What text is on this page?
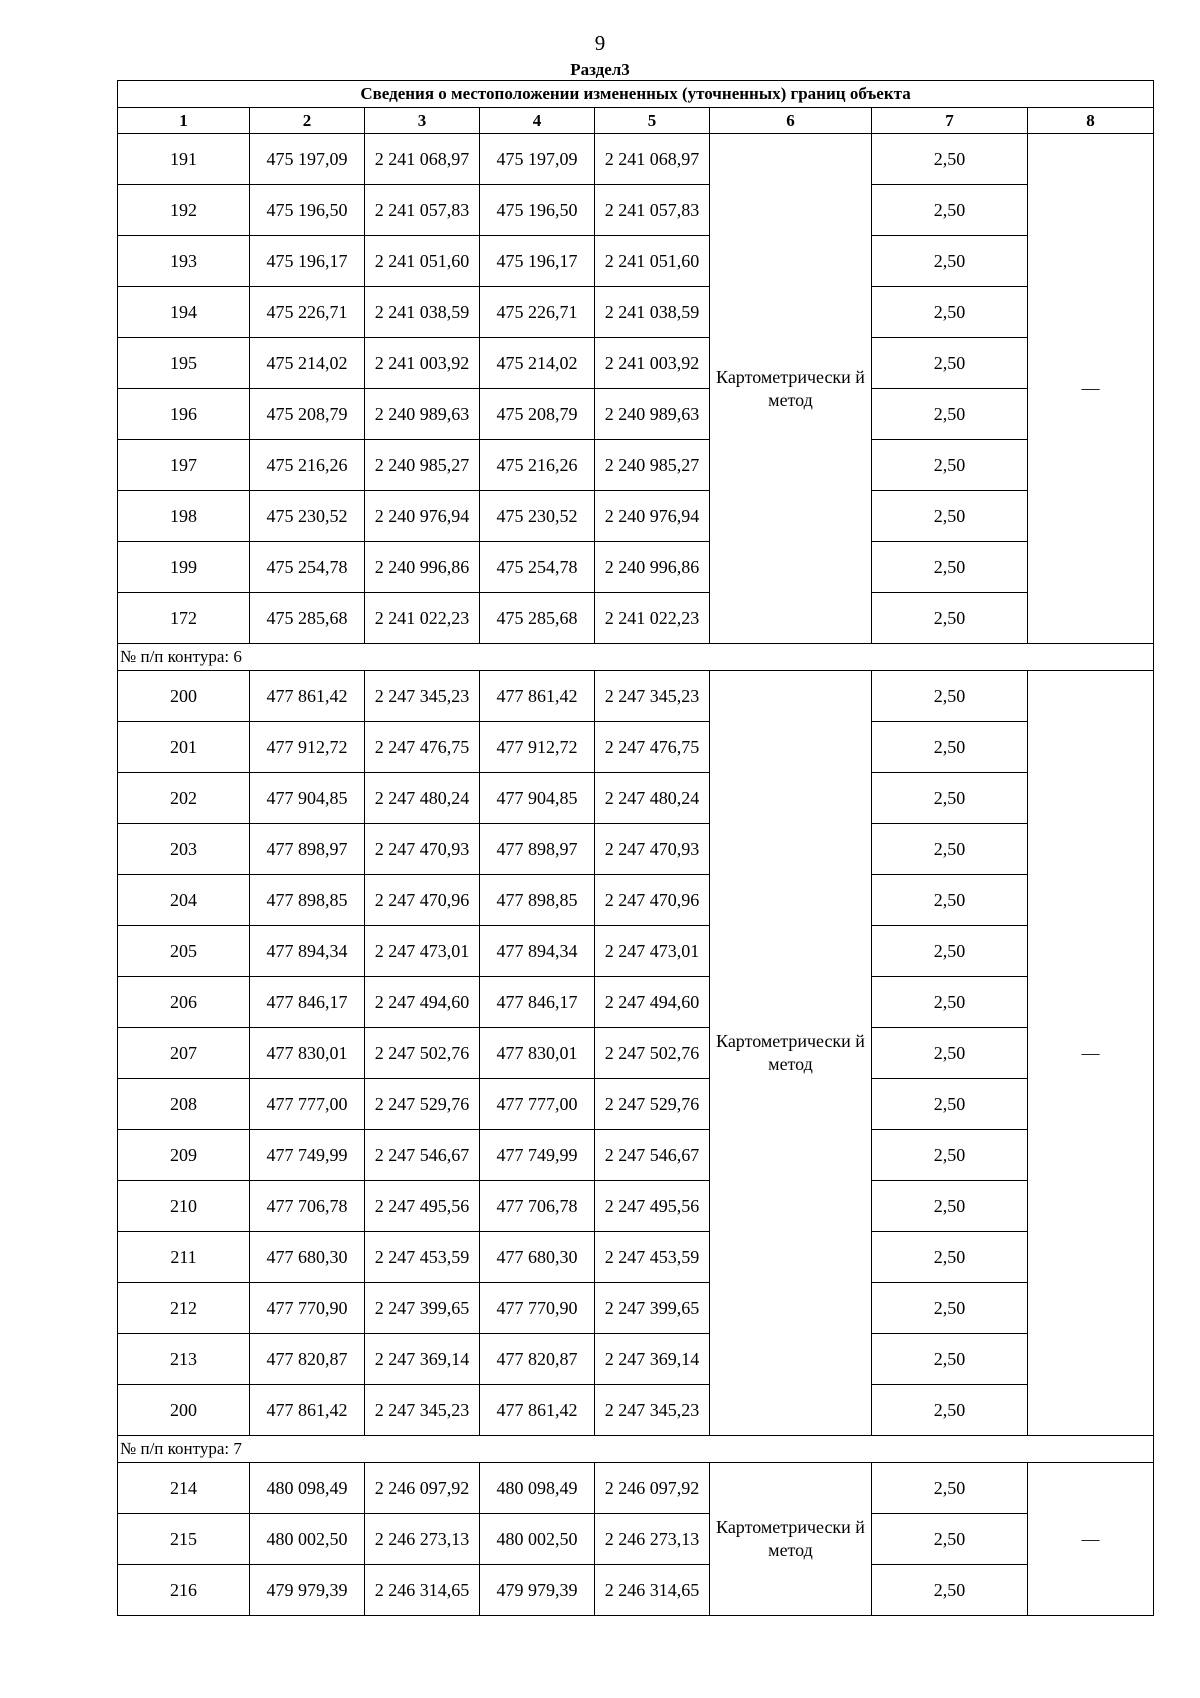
9
Раздел3
Сведения о местоположении измененных (уточненных) границ объекта							
1	2	3	4	5	6	7	8
191	475 197,09	2 241 068,97	475 197,09	2 241 068,97	Картометрически й метод	2,50	—
192	475 196,50	2 241 057,83	475 196,50	2 241 057,83		2,50	
193	475 196,17	2 241 051,60	475 196,17	2 241 051,60		2,50	
194	475 226,71	2 241 038,59	475 226,71	2 241 038,59		2,50	
195	475 214,02	2 241 003,92	475 214,02	2 241 003,92		2,50	
196	475 208,79	2 240 989,63	475 208,79	2 240 989,63		2,50	
197	475 216,26	2 240 985,27	475 216,26	2 240 985,27		2,50	
198	475 230,52	2 240 976,94	475 230,52	2 240 976,94		2,50	
199	475 254,78	2 240 996,86	475 254,78	2 240 996,86		2,50	
172	475 285,68	2 241 022,23	475 285,68	2 241 022,23		2,50	
№ п/п контура: 6							
200	477 861,42	2 247 345,23	477 861,42	2 247 345,23	Картометрически й метод	2,50	—
201	477 912,72	2 247 476,75	477 912,72	2 247 476,75		2,50	
202	477 904,85	2 247 480,24	477 904,85	2 247 480,24		2,50	
203	477 898,97	2 247 470,93	477 898,97	2 247 470,93		2,50	
204	477 898,85	2 247 470,96	477 898,85	2 247 470,96		2,50	
205	477 894,34	2 247 473,01	477 894,34	2 247 473,01		2,50	
206	477 846,17	2 247 494,60	477 846,17	2 247 494,60		2,50	
207	477 830,01	2 247 502,76	477 830,01	2 247 502,76		2,50	
208	477 777,00	2 247 529,76	477 777,00	2 247 529,76		2,50	
209	477 749,99	2 247 546,67	477 749,99	2 247 546,67		2,50	
210	477 706,78	2 247 495,56	477 706,78	2 247 495,56		2,50	
211	477 680,30	2 247 453,59	477 680,30	2 247 453,59		2,50	
212	477 770,90	2 247 399,65	477 770,90	2 247 399,65		2,50	
213	477 820,87	2 247 369,14	477 820,87	2 247 369,14		2,50	
200	477 861,42	2 247 345,23	477 861,42	2 247 345,23		2,50	
№ п/п контура: 7							
214	480 098,49	2 246 097,92	480 098,49	2 246 097,92	Картометрически й метод	2,50	—
215	480 002,50	2 246 273,13	480 002,50	2 246 273,13		2,50	
216	479 979,39	2 246 314,65	479 979,39	2 246 314,65		2,50	
